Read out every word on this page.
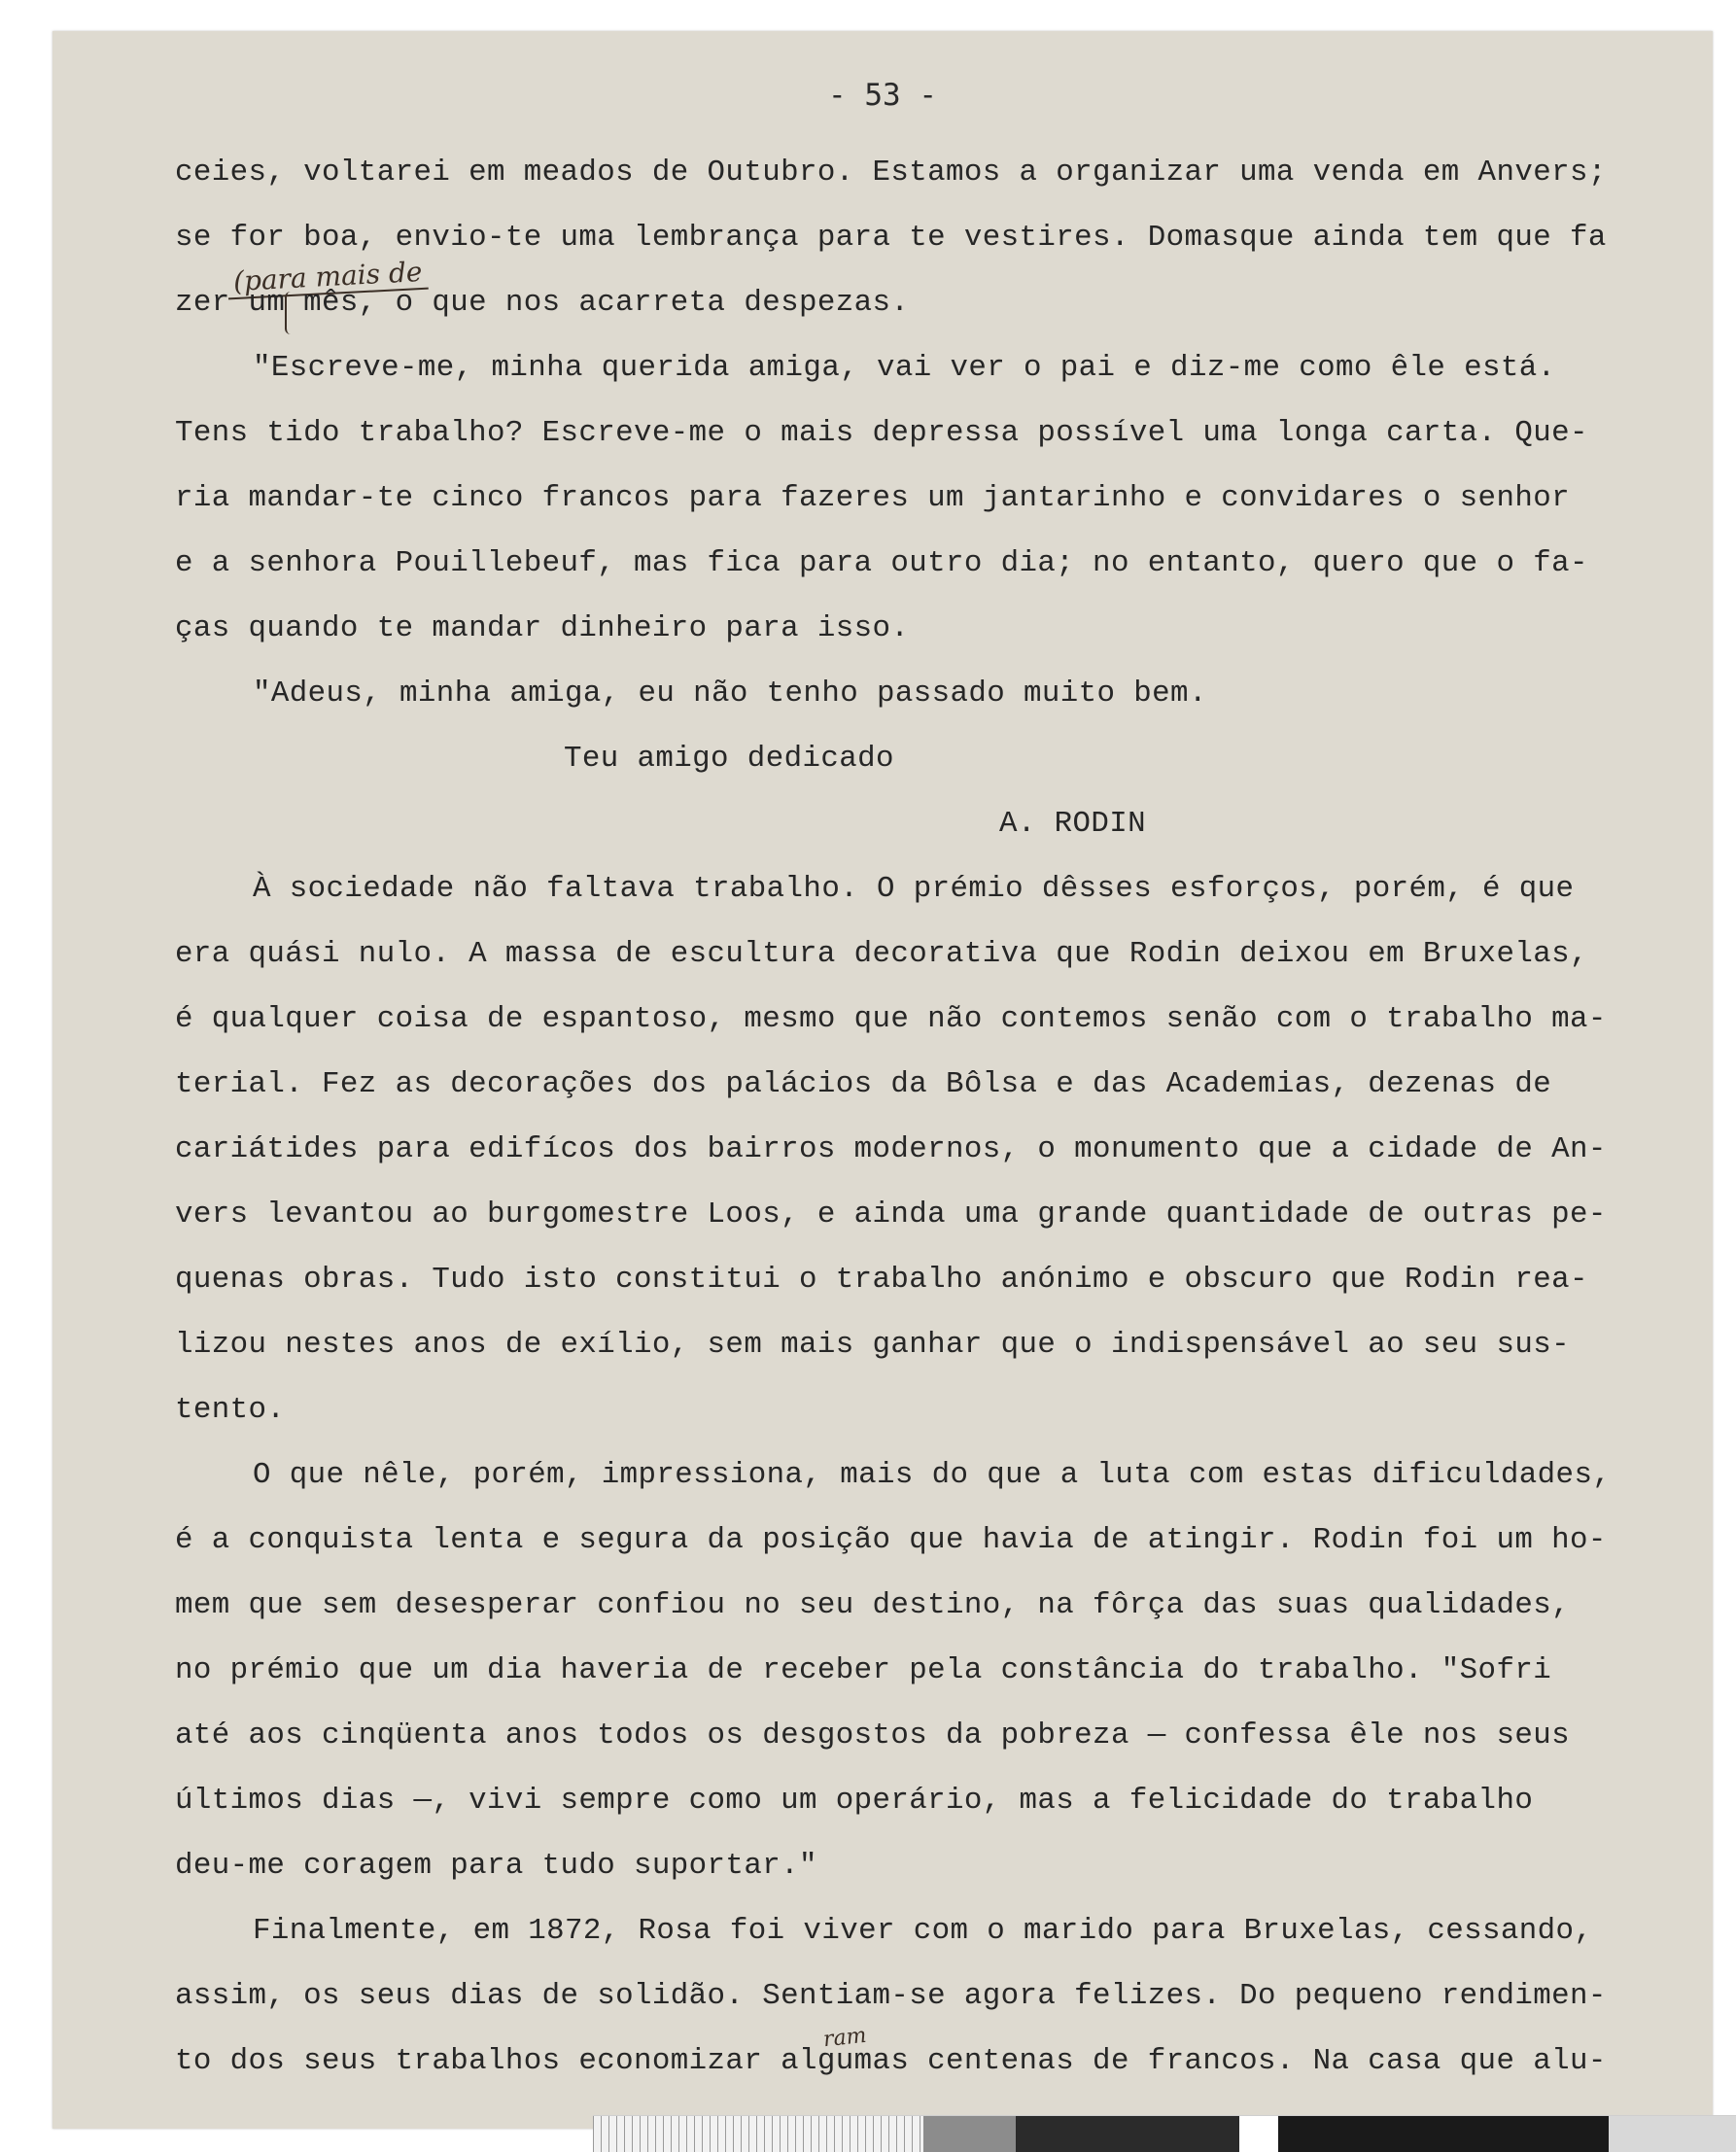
- 53 -
(para mais de
ram
ceies, voltarei em meados de Outubro. Estamos a organizar uma venda em Anvers;
se for boa, envio-te uma lembrança para te vestires. Domasque ainda tem que fa
zer um mês, o que nos acarreta despezas.
"Escreve-me, minha querida amiga, vai ver o pai e diz-me como êle está.
Tens tido trabalho? Escreve-me o mais depressa possível uma longa carta. Que-
ria mandar-te cinco francos para fazeres um jantarinho e convidares o senhor
e a senhora Pouillebeuf, mas fica para outro dia; no entanto, quero que o fa-
ças quando te mandar dinheiro para isso.
"Adeus, minha amiga, eu não tenho passado muito bem.
Teu amigo dedicado
A. RODIN
À sociedade não faltava trabalho. O prémio dêsses esforços, porém, é que
era quási nulo. A massa de escultura decorativa que Rodin deixou em Bruxelas,
é qualquer coisa de espantoso, mesmo que não contemos senão com o trabalho ma-
terial. Fez as decorações dos palácios da Bôlsa e das Academias, dezenas de
cariátides para edifícos dos bairros modernos, o monumento que a cidade de An-
vers levantou ao burgomestre Loos, e ainda uma grande quantidade de outras pe-
quenas obras. Tudo isto constitui o trabalho anónimo e obscuro que Rodin rea-
lizou nestes anos de exílio, sem mais ganhar que o indispensável ao seu sus-
tento.
O que nêle, porém, impressiona, mais do que a luta com estas dificuldades,
é a conquista lenta e segura da posição que havia de atingir. Rodin foi um ho-
mem que sem desesperar confiou no seu destino, na fôrça das suas qualidades,
no prémio que um dia haveria de receber pela constância do trabalho. "Sofri
até aos cinqüenta anos todos os desgostos da pobreza — confessa êle nos seus
últimos dias —, vivi sempre como um operário, mas a felicidade do trabalho
deu-me coragem para tudo suportar."
Finalmente, em 1872, Rosa foi viver com o marido para Bruxelas, cessando,
assim, os seus dias de solidão. Sentiam-se agora felizes. Do pequeno rendimen-
to dos seus trabalhos economizar algumas centenas de francos. Na casa que alu-
